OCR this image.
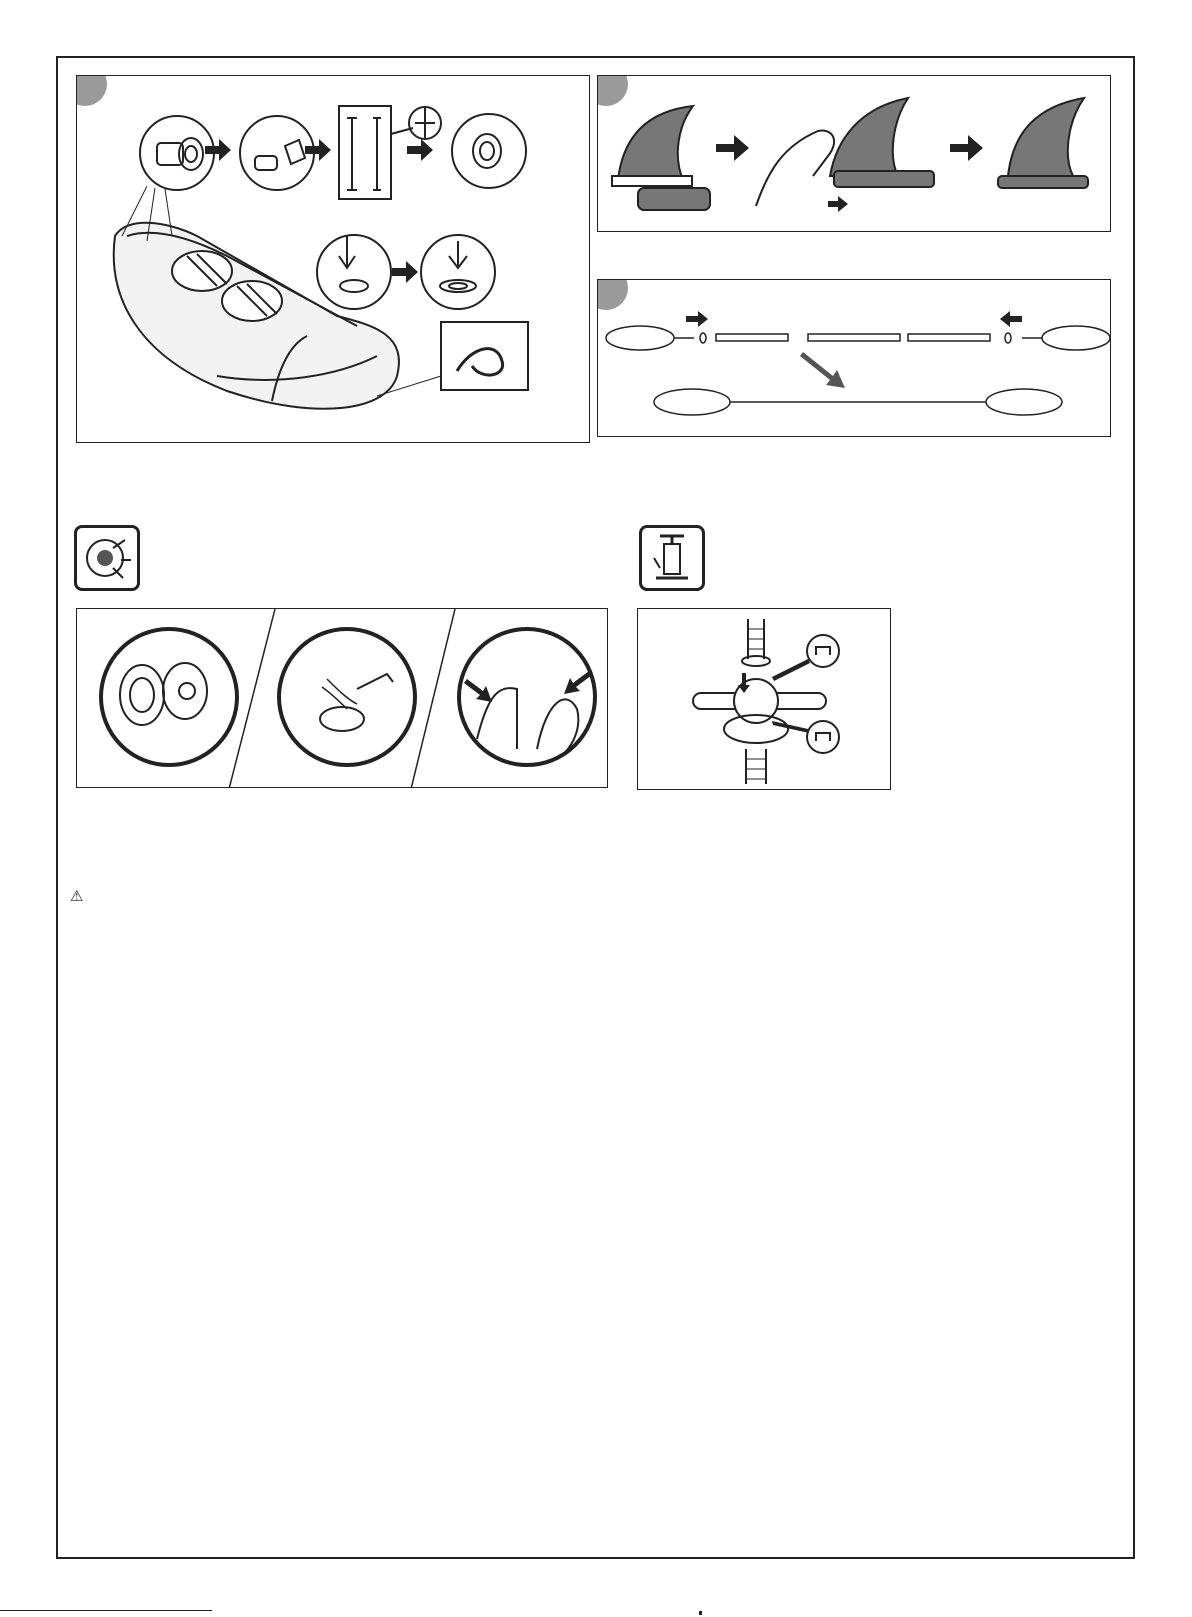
⚠
